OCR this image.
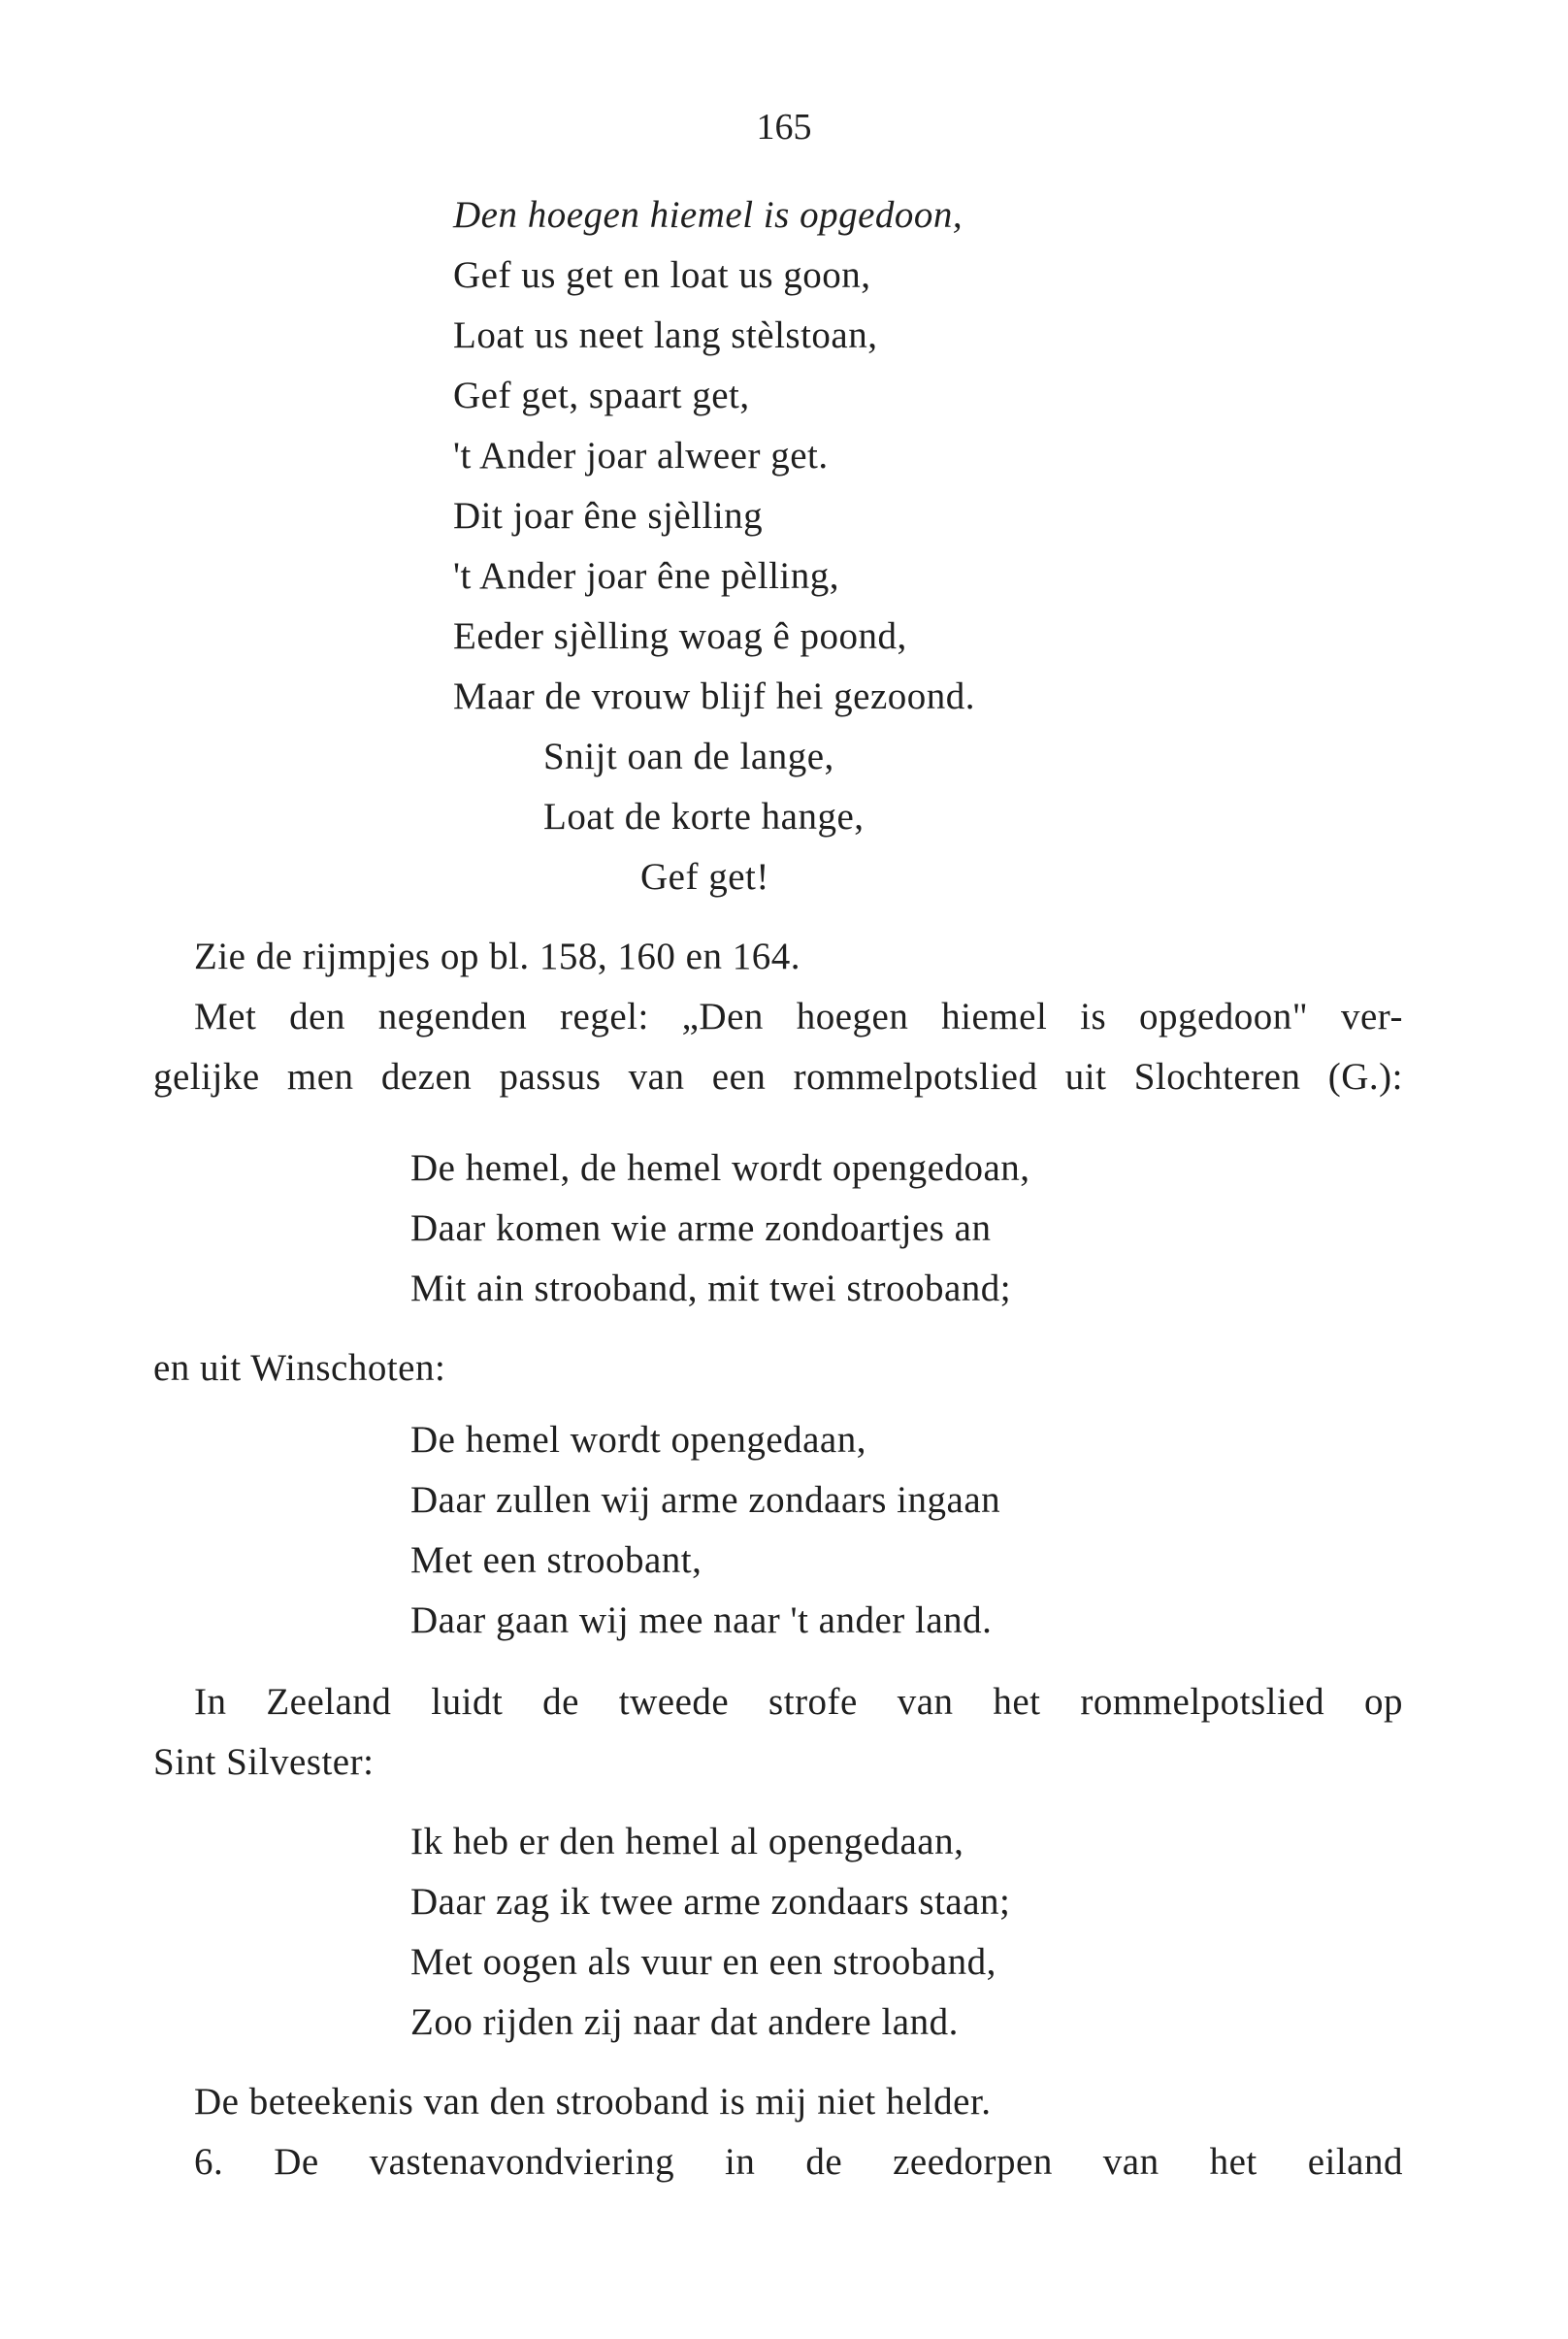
165
Den hoegen hiemel is opgedoon,
Gef us get en loat us goon,
Loat us neet lang stèlstoan,
Gef get, spaart get,
't Ander joar alweer get.
Dit joar êne sjèlling
't Ander joar êne pèlling,
Eeder sjèlling woag ê poond,
Maar de vrouw blijf hei gezoond.
Snijt oan de lange,
Loat de korte hange,
Gef get!
Zie de rijmpjes op bl. 158, 160 en 164.
Met den negenden regel: „Den hoegen hiemel is opgedoon" ver-
gelijke men dezen passus van een rommelpotslied uit Slochteren (G.):
De hemel, de hemel wordt opengedoan,
Daar komen wie arme zondoartjes an
Mit ain strooband, mit twei strooband;
en uit Winschoten:
De hemel wordt opengedaan,
Daar zullen wij arme zondaars ingaan
Met een stroobant,
Daar gaan wij mee naar 't ander land.
In Zeeland luidt de tweede strofe van het rommelpotslied op
Sint Silvester:
Ik heb er den hemel al opengedaan,
Daar zag ik twee arme zondaars staan;
Met oogen als vuur en een strooband,
Zoo rijden zij naar dat andere land.
De beteekenis van den strooband is mij niet helder.
6. De vastenavondviering in de zeedorpen van het eiland
